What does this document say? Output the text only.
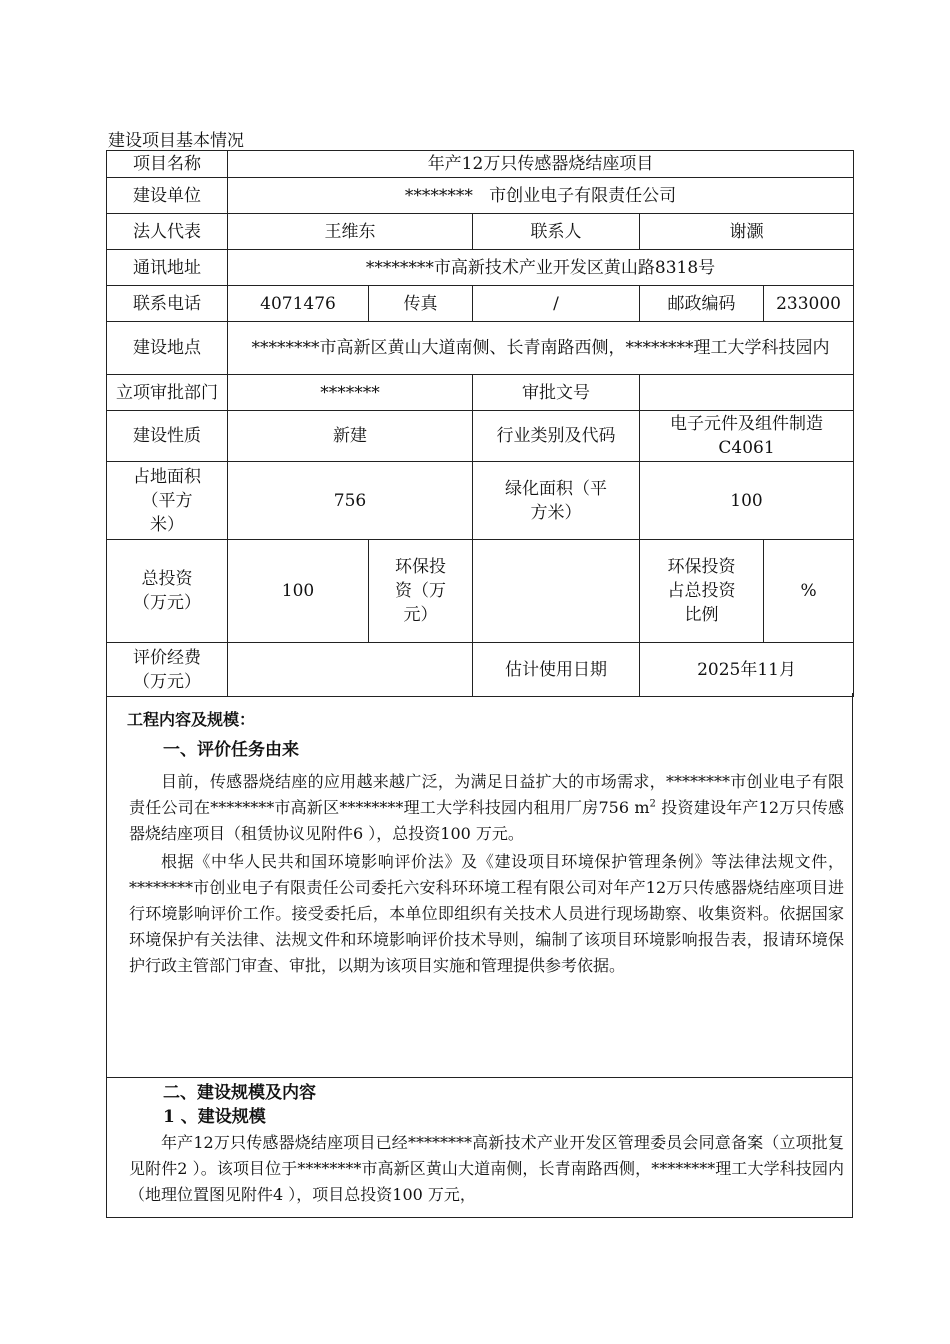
建设项目基本情况
项目名称	年产12万只传感器烧结座项目				
建设单位	********   市创业电子有限责任公司				
法人代表	王维东		联系人	谢灏	
通讯地址	********市高新技术产业开发区黄山路8318号				
联系电话	4071476	传真	/	邮政编码	233000
建设地点	********市高新区黄山大道南侧、长青南路西侧，********理工大学科技园内				
立项审批部门	*******		审批文号		
建设性质	新建		行业类别及代码	电子元件及组件制造C4061	
占地面积（平方米）	756		绿化面积（平方米）	100	
总投资（万元）	100	环保投资（万元）		环保投资占总投资比例	%
评价经费（万元）			估计使用日期	2025年11月	
工程内容及规模：
一、评价任务由来
目前，传感器烧结座的应用越来越广泛，为满足日益扩大的市场需求，********市创业电子有限责任公司在********市高新区********理工大学科技园内租用厂房756 $m^2$ 投资建设年产12万只传感器烧结座项目（租赁协议见附件6 ），总投资100 万元。
根据《中华人民共和国环境影响评价法》及《建设项目环境保护管理条例》等法律法规文件，********市创业电子有限责任公司委托六安科环环境工程有限公司对年产12万只传感器烧结座项目进行环境影响评价工作。接受委托后，本单位即组织有关技术人员进行现场勘察、收集资料。依据国家环境保护有关法律、法规文件和环境影响评价技术导则，编制了该项目环境影响报告表，报请环境保护行政主管部门审查、审批，以期为该项目实施和管理提供参考依据。
二、建设规模及内容
1 、建设规模
年产12万只传感器烧结座项目已经********高新技术产业开发区管理委员会同意备案（立项批复见附件2 ）。该项目位于********市高新区黄山大道南侧，长青南路西侧，********理工大学科技园内（地理位置图见附件4 ），项目总投资100 万元，
